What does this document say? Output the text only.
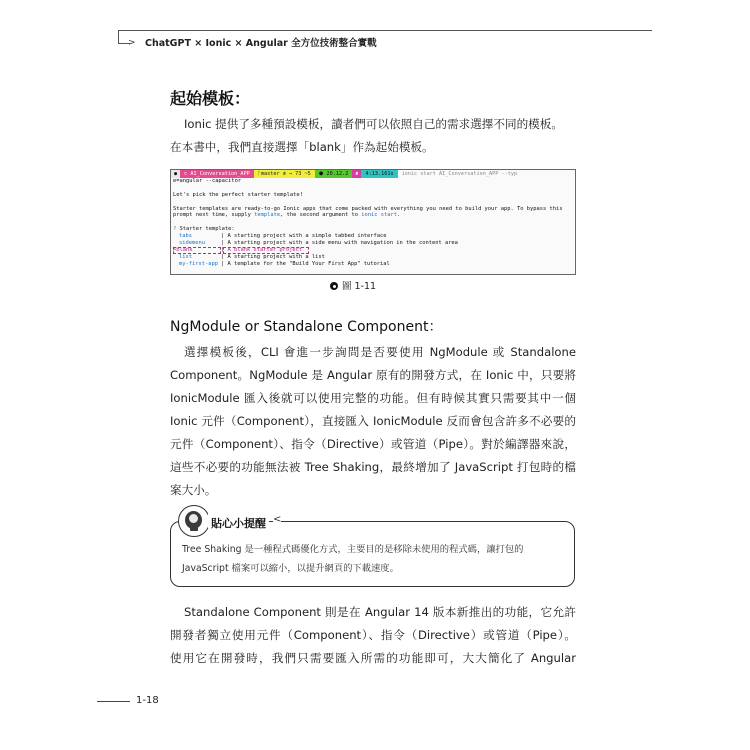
> ChatGPT × Ionic × Angular 全方位技術整合實戰
起始模板：
Ionic 提供了多種預設模板，讀者們可以依照自己的需求選擇不同的模板。
在本書中，我們直接選擇「blank」作為起始模板。
●	⊂ AI_Conversation_APP	ᚴmaster ≢ ⇒ 73 ~5	⬢ 20.12.2	✘	4:13.161s	ionic start AI_Conversation_APP --typ
e=angular --capacitor

Let's pick the perfect starter template!

Starter templates are ready-to-go Ionic apps that come packed with everything you need to build your app. To bypass this
prompt next time, supply template, the second argument to ionic start.

? Starter template:
tabs	| A starting project with a simple tabbed interface
sidemenu	| A starting project with a side menu with navigation in the content area
>blank	| A blank starter project

list	| A starting project with a list
my-first-app | A template for the "Build Your First App" tutorial
圖 1-11
NgModule or Standalone Component：
選擇模板後，CLI 會進一步詢問是否要使用 NgModule 或 Standalone
Component。NgModule 是 Angular 原有的開發方式，在 Ionic 中，只要將
IonicModule 匯入後就可以使用完整的功能。但有時候其實只需要其中一個
Ionic 元件（Component），直接匯入 IonicModule 反而會包含許多不必要的
元件（Component）、指令（Directive）或管道（Pipe）。對於編譯器來說，
這些不必要的功能無法被 Tree Shaking，最終增加了 JavaScript 打包時的檔
案大小。
貼心小提醒 <
Tree Shaking 是一種程式碼優化方式，主要目的是移除未使用的程式碼，讓打包的
JavaScript 檔案可以縮小，以提升網頁的下載速度。
Standalone Component 則是在 Angular 14 版本新推出的功能，它允許
開發者獨立使用元件（Component）、指令（Directive）或管道（Pipe）。
使用它在開發時，我們只需要匯入所需的功能即可，大大簡化了 Angular
1-18
